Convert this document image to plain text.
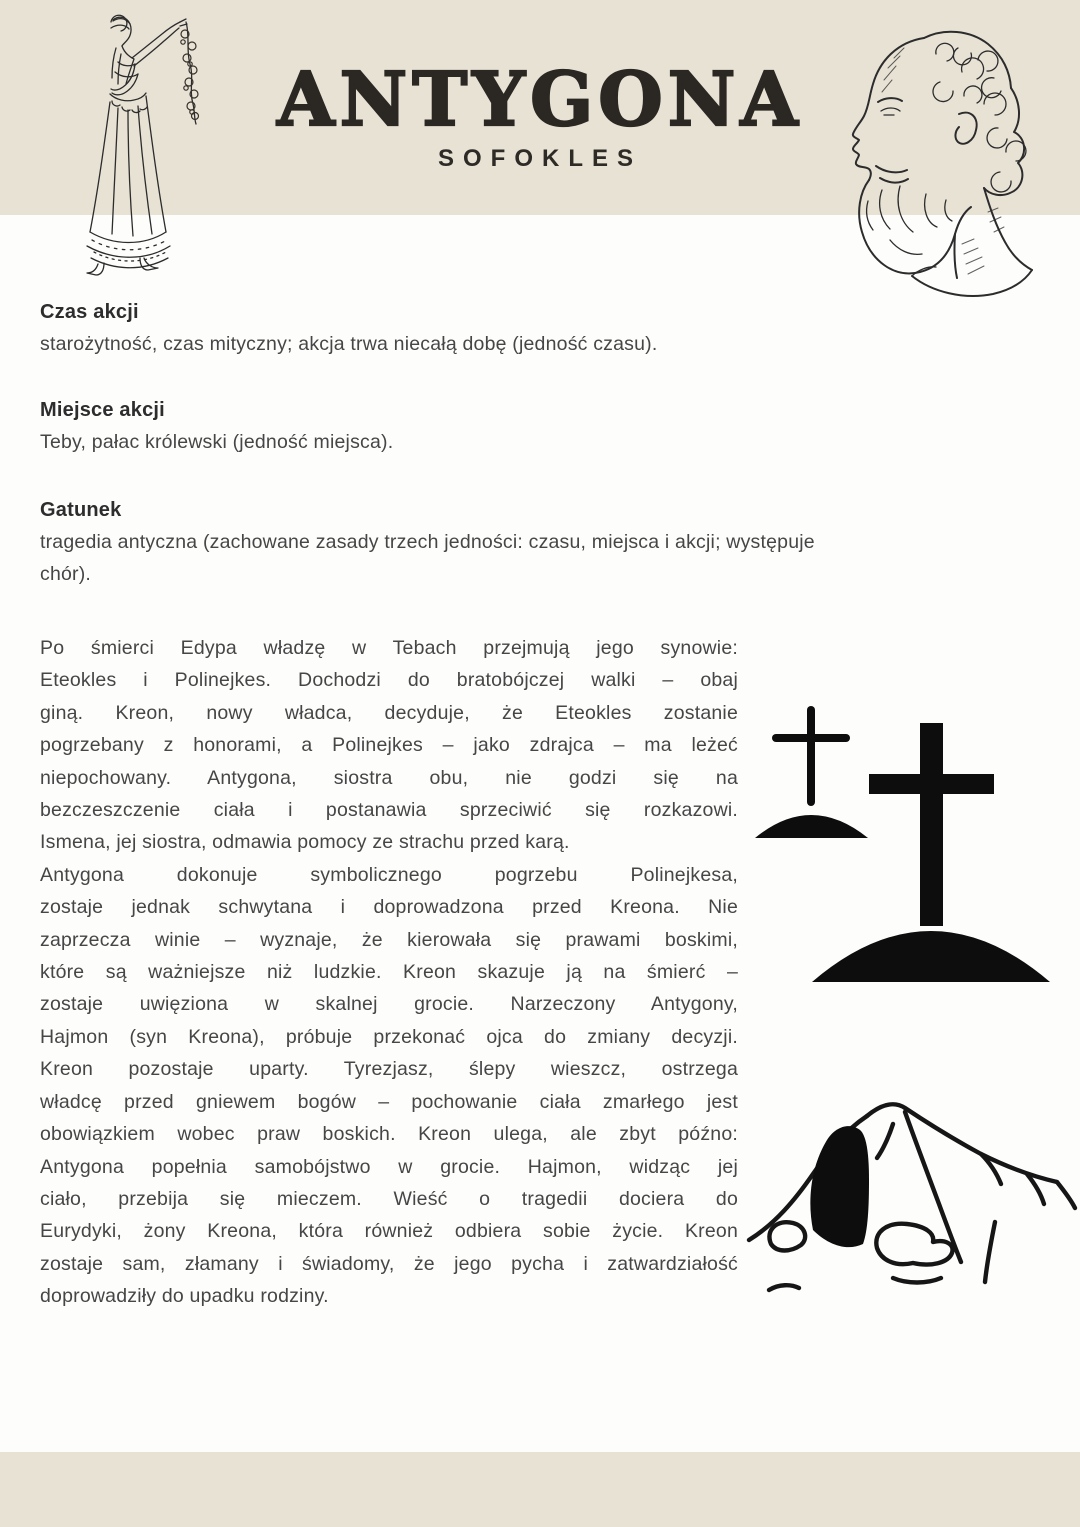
ANTYGONA
SOFOKLES
Czas akcji
starożytność, czas mityczny; akcja trwa niecałą dobę (jedność czasu).
Miejsce akcji
Teby, pałac królewski (jedność miejsca).
Gatunek
tragedia antyczna (zachowane zasady trzech jedności: czasu, miejsca i akcji; występuje
chór).
Po śmierci Edypa władzę w Tebach przejmują jego synowie:
Eteokles i Polinejkes. Dochodzi do bratobójczej walki – obaj
giną. Kreon, nowy władca, decyduje, że Eteokles zostanie
pogrzebany z honorami, a Polinejkes – jako zdrajca – ma leżeć
niepochowany. Antygona, siostra obu, nie godzi się na
bezczeszczenie ciała i postanawia sprzeciwić się rozkazowi.
Ismena, jej siostra, odmawia pomocy ze strachu przed karą.
Antygona dokonuje symbolicznego pogrzebu Polinejkesa,
zostaje jednak schwytana i doprowadzona przed Kreona. Nie
zaprzecza winie – wyznaje, że kierowała się prawami boskimi,
które są ważniejsze niż ludzkie. Kreon skazuje ją na śmierć –
zostaje uwięziona w skalnej grocie. Narzeczony Antygony,
Hajmon (syn Kreona), próbuje przekonać ojca do zmiany decyzji.
Kreon pozostaje uparty. Tyrezjasz, ślepy wieszcz, ostrzega
władcę przed gniewem bogów – pochowanie ciała zmarłego jest
obowiązkiem wobec praw boskich. Kreon ulega, ale zbyt późno:
Antygona popełnia samobójstwo w grocie. Hajmon, widząc jej
ciało, przebija się mieczem. Wieść o tragedii dociera do
Eurydyki, żony Kreona, która również odbiera sobie życie. Kreon
zostaje sam, złamany i świadomy, że jego pycha i zatwardziałość
doprowadziły do upadku rodziny.
